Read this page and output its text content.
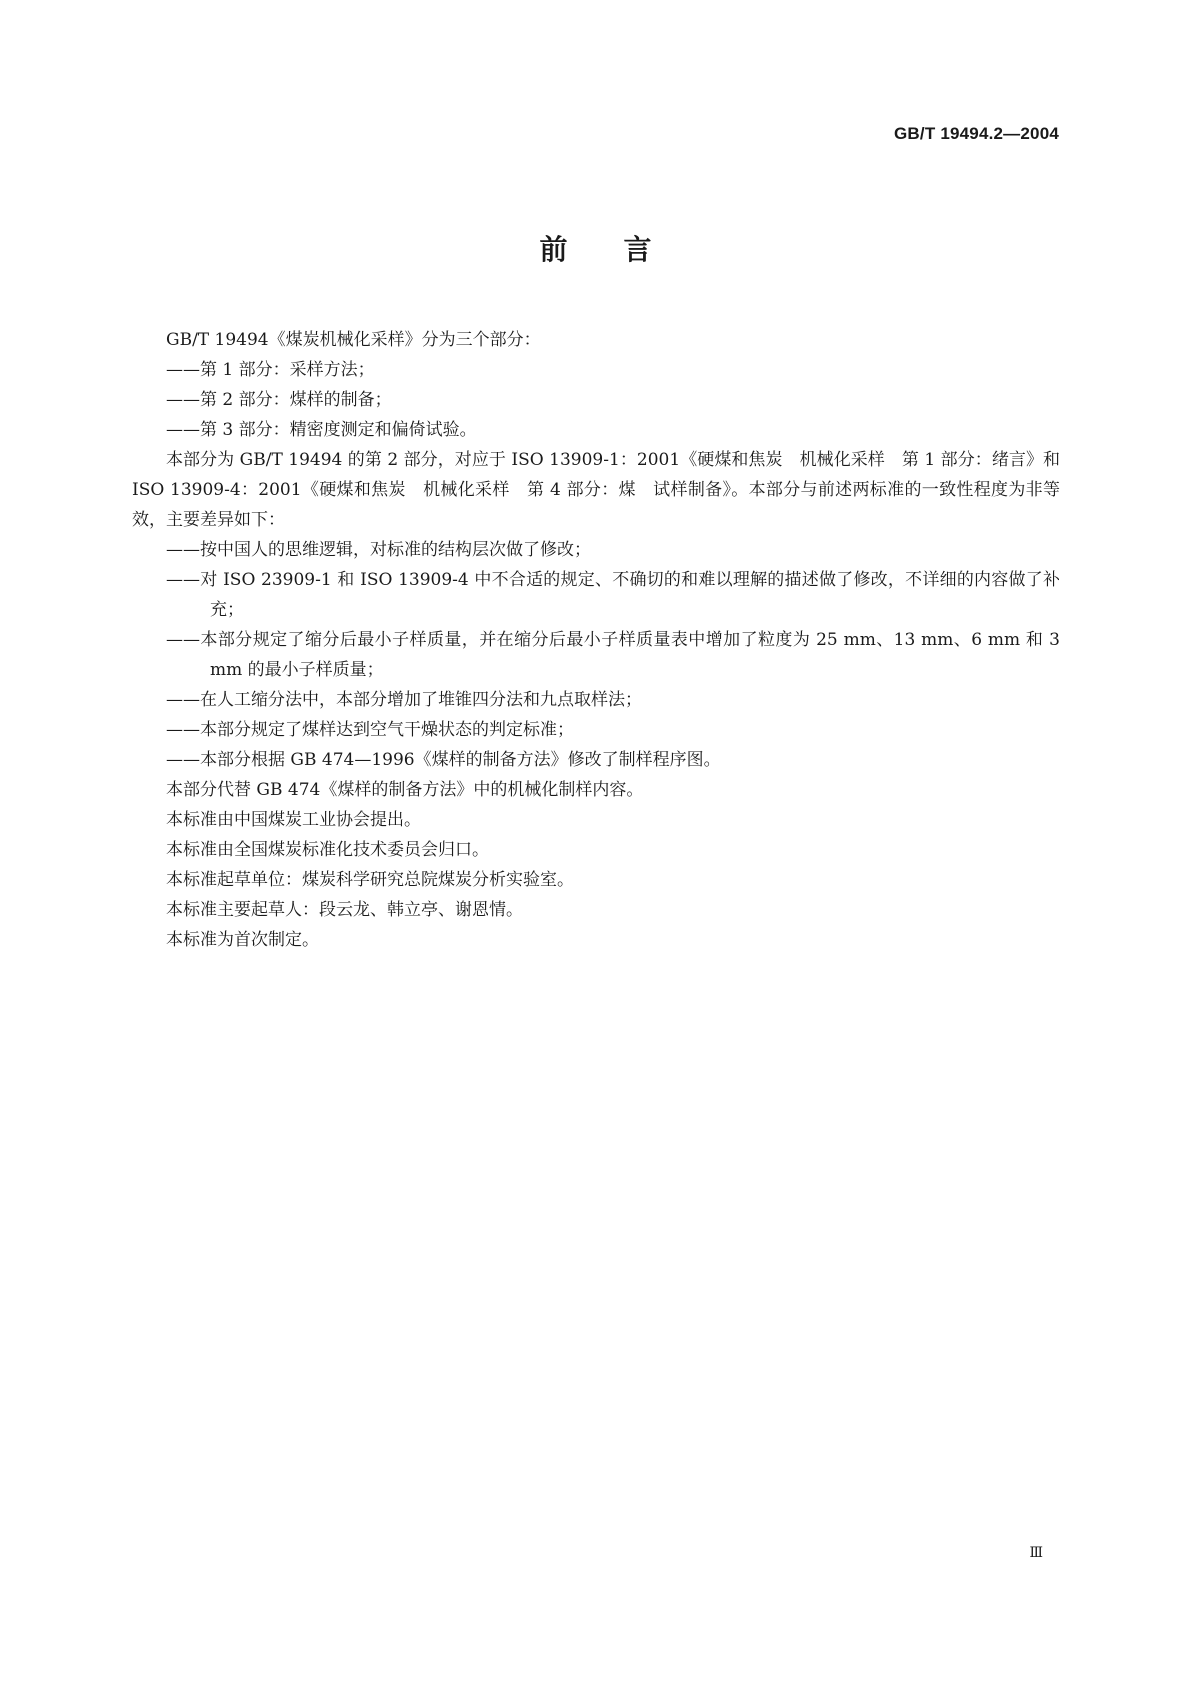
GB/T 19494.2—2004
前 言

GB/T 19494《煤炭机械化采样》分为三个部分：

——第 1 部分：采样方法；

——第 2 部分：煤样的制备；

——第 3 部分：精密度测定和偏倚试验。

本部分为 GB/T 19494 的第 2 部分，对应于 ISO 13909-1：2001《硬煤和焦炭　机械化采样　第 1 部分：绪言》和 ISO 13909-4：2001《硬煤和焦炭　机械化采样　第 4 部分：煤　试样制备》。本部分与前述两标准的一致性程度为非等效，主要差异如下：

——按中国人的思维逻辑，对标准的结构层次做了修改；

——对 ISO 23909-1 和 ISO 13909-4 中不合适的规定、不确切的和难以理解的描述做了修改，不详细的内容做了补充；

——本部分规定了缩分后最小子样质量，并在缩分后最小子样质量表中增加了粒度为 25 mm、13 mm、6 mm 和 3 mm 的最小子样质量；

——在人工缩分法中，本部分增加了堆锥四分法和九点取样法；

——本部分规定了煤样达到空气干燥状态的判定标准；

——本部分根据 GB 474—1996《煤样的制备方法》修改了制样程序图。

本部分代替 GB 474《煤样的制备方法》中的机械化制样内容。

本标准由中国煤炭工业协会提出。

本标准由全国煤炭标准化技术委员会归口。

本标准起草单位：煤炭科学研究总院煤炭分析实验室。

本标准主要起草人：段云龙、韩立亭、谢恩情。

本标准为首次制定。

Ⅲ
